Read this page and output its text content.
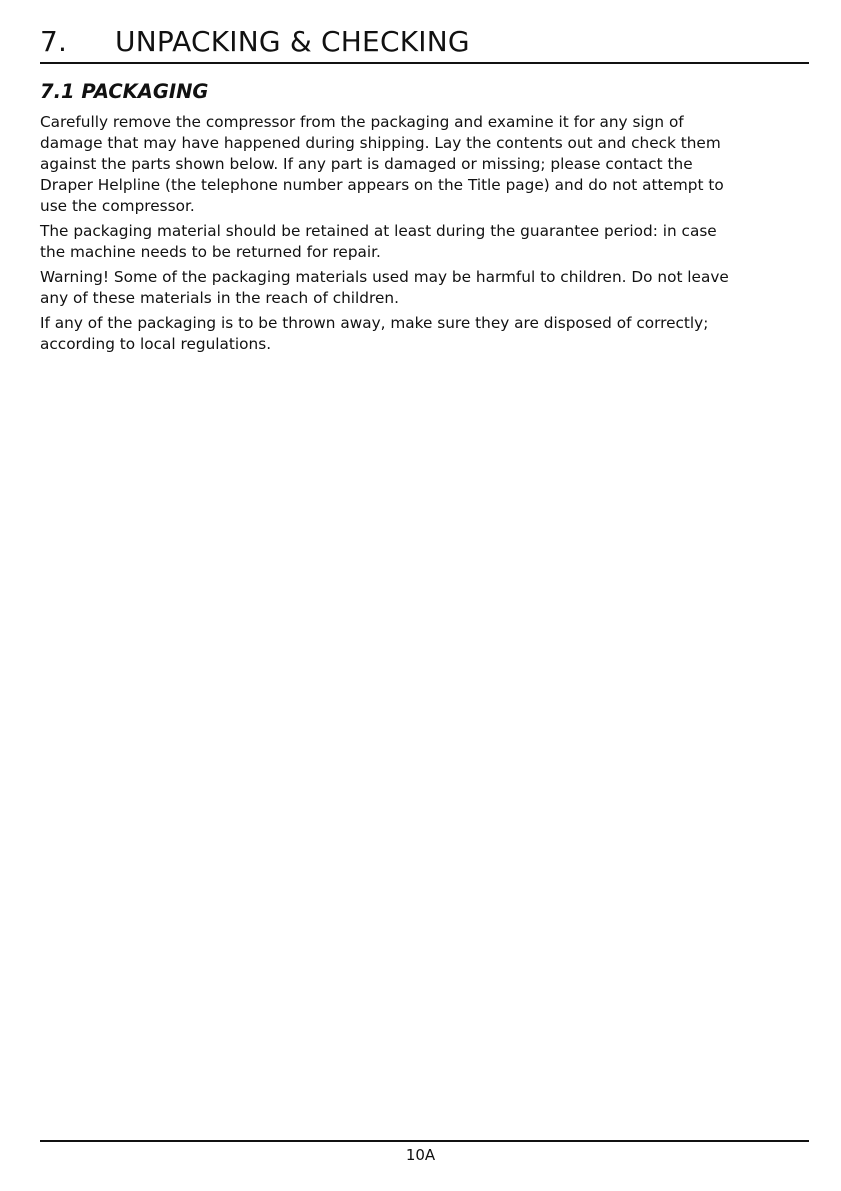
7. UNPACKING & CHECKING
7.1 PACKAGING

Carefully remove the compressor from the packaging and examine it for any sign of
damage that may have happened during shipping. Lay the contents out and check them
against the parts shown below. If any part is damaged or missing; please contact the
Draper Helpline (the telephone number appears on the Title page) and do not attempt to
use the compressor.

The packaging material should be retained at least during the guarantee period: in case
the machine needs to be returned for repair.

Warning! Some of the packaging materials used may be harmful to children. Do not leave
any of these materials in the reach of children.

If any of the packaging is to be thrown away, make sure they are disposed of correctly;
according to local regulations.

10A
